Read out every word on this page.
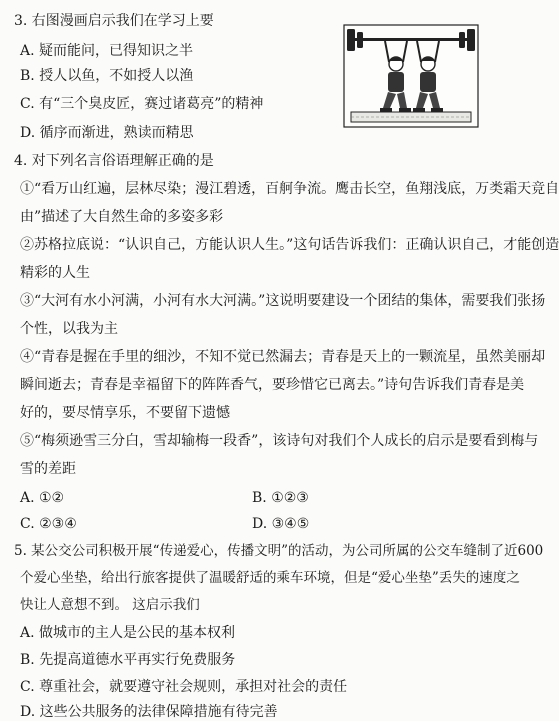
3. 右图漫画启示我们在学习上要
A. 疑而能问，已得知识之半
B. 授人以鱼，不如授人以渔
C. 有“三个臭皮匠，赛过诸葛亮”的精神
D. 循序而渐进，熟读而精思
4. 对下列名言俗语理解正确的是
①“看万山红遍，层林尽染；漫江碧透，百舸争流。鹰击长空，鱼翔浅底，万类霜天竞自
由”描述了大自然生命的多姿多彩
②苏格拉底说：“认识自己，方能认识人生。”这句话告诉我们：正确认识自己，才能创造
精彩的人生
③“大河有水小河满，小河有水大河满。”这说明要建设一个团结的集体，需要我们张扬
个性，以我为主
④“青春是握在手里的细沙，不知不觉已然漏去；青春是天上的一颗流星，虽然美丽却
瞬间逝去；青春是幸福留下的阵阵香气，要珍惜它已离去。”诗句告诉我们青春是美
好的，要尽情享乐，不要留下遗憾
⑤“梅须逊雪三分白，雪却输梅一段香”，该诗句对我们个人成长的启示是要看到梅与
雪的差距
A. ①②	B. ①②③
C. ②③④	D. ③④⑤
5. 某公交公司积极开展“传递爱心，传播文明”的活动，为公司所属的公交车缝制了近600
个爱心坐垫，给出行旅客提供了温暖舒适的乘车环境，但是“爱心坐垫”丢失的速度之
快让人意想不到。 这启示我们
A. 做城市的主人是公民的基本权利
B. 先提高道德水平再实行免费服务
C. 尊重社会，就要遵守社会规则，承担对社会的责任
D. 这些公共服务的法律保障措施有待完善
